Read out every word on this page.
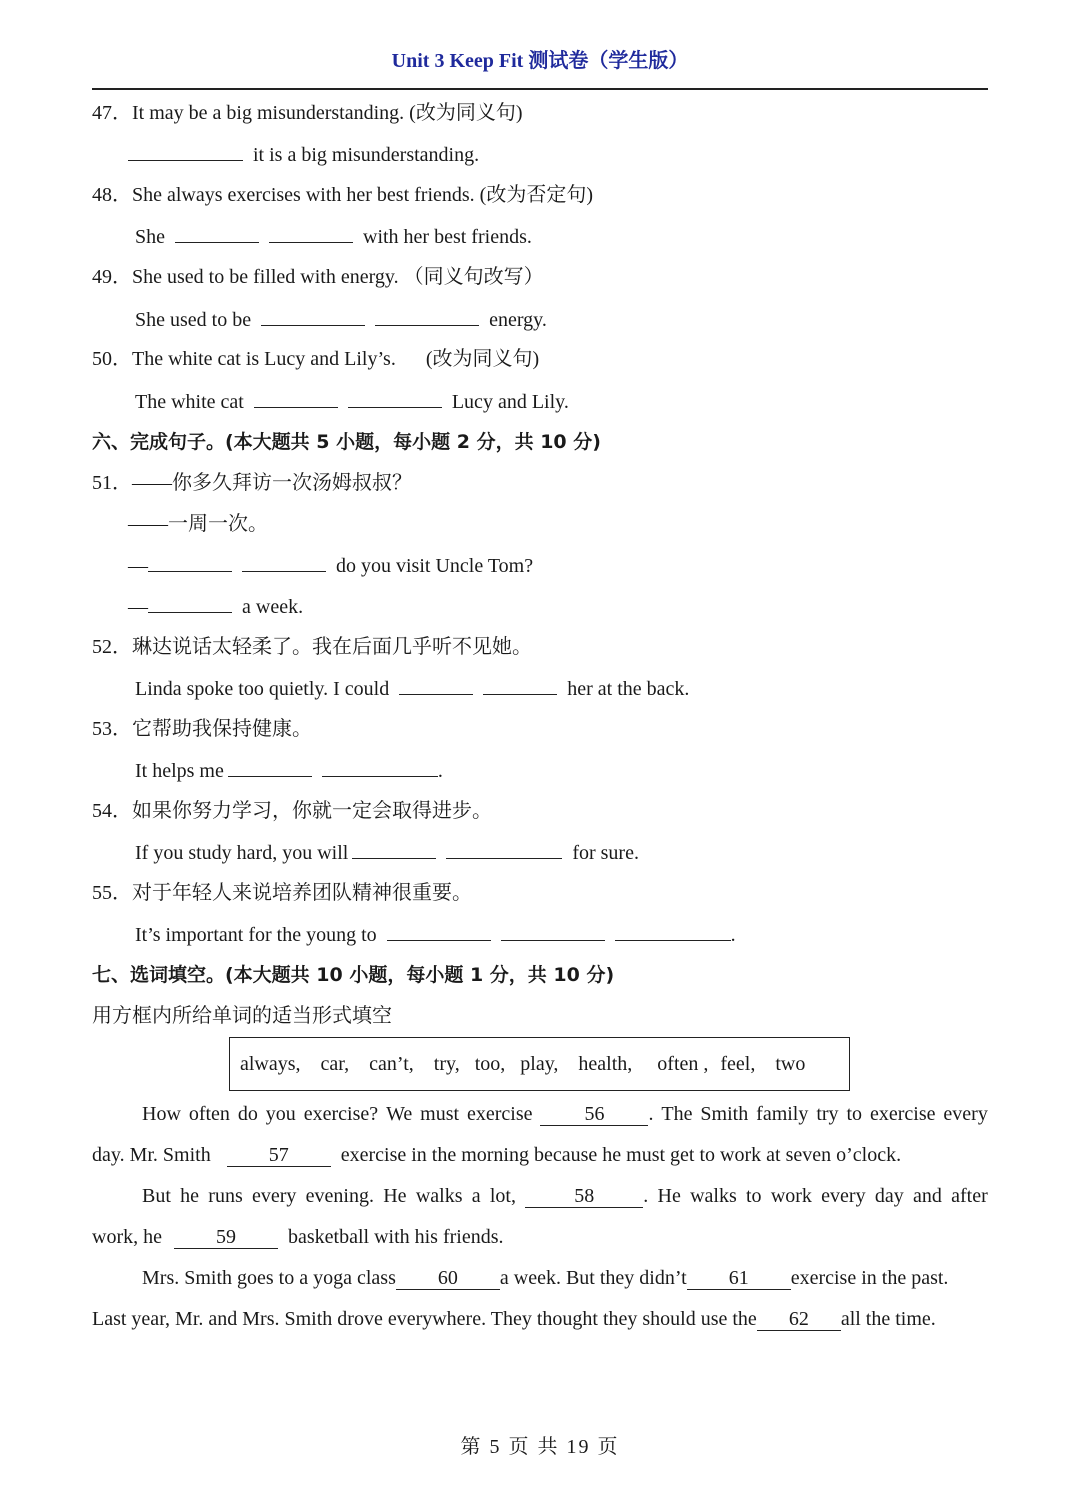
Unit 3 Keep Fit 测试卷（学生版）
47．It may be a big misunderstanding. (改为同义句)
it is a big misunderstanding.
48．She always exercises with her best friends. (改为否定句)
She	with her best friends.
49．She used to be filled with energy. （同义句改写）
She used to be	energy.
50．The white cat is Lucy and Lily’s. (改为同义句)
The white cat	Lucy and Lily.
六、完成句子。(本大题共 5 小题，每小题 2 分，共 10 分)
51．——你多久拜访一次汤姆叔叔？
——一周一次。
—	do you visit Uncle Tom?
—	a week.
52．琳达说话太轻柔了。我在后面几乎听不见她。
Linda spoke too quietly. I could	her at the back.
53．它帮助我保持健康。
It helps me	.
54．如果你努力学习，你就一定会取得进步。
If you study hard, you will	for sure.
55．对于年轻人来说培养团队精神很重要。
It’s important for the young to	.
七、选词填空。(本大题共 10 小题，每小题 1 分，共 10 分)
用方框内所给单词的适当形式填空
always, car, can’t, try, too, play, health, often , feel, two
How often do you exercise? We must exercise	56 . The Smith family try to exercise every
day. Mr. Smith	57	exercise in the morning because he must get to work at seven o’clock.
But he runs every evening. He walks a lot,	58 . He walks to work every day and after
work, he	59	basketball with his friends.
Mrs. Smith goes to a yoga class 60 a week. But they didn’t 61 exercise in the past.
Last year, Mr. and Mrs. Smith drove everywhere. They thought they should use the 62 all the time.
第 5 页 共 19 页
